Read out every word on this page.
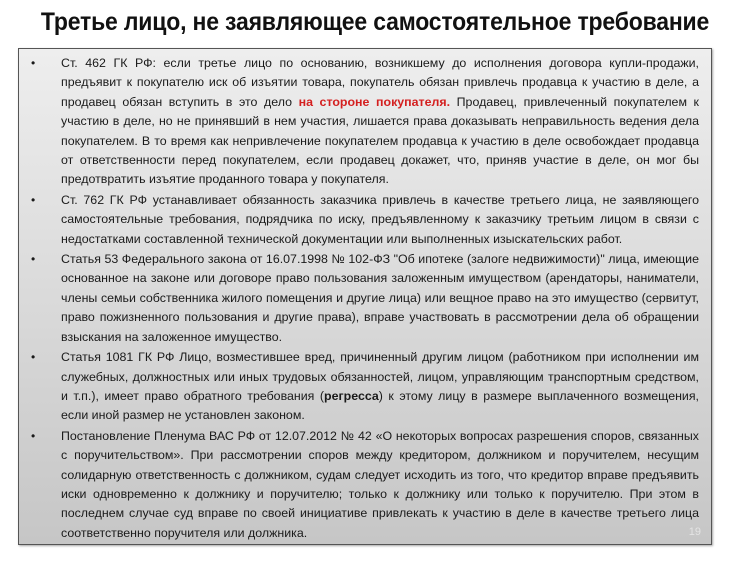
Третье лицо, не заявляющее самостоятельное требование
• Ст. 462 ГК РФ: если третье лицо по основанию, возникшему до исполнения договора купли-продажи, предъявит к покупателю иск об изъятии товара, покупатель обязан привлечь продавца к участию в деле, а продавец обязан вступить в это дело на стороне покупателя. Продавец, привлеченный покупателем к участию в деле, но не принявший в нем участия, лишается права доказывать неправильность ведения дела покупателем. В то время как непривлечение покупателем продавца к участию в деле освобождает продавца от ответственности перед покупателем, если продавец докажет, что, приняв участие в деле, он мог бы предотвратить изъятие проданного товара у покупателя.
• Ст. 762 ГК РФ устанавливает обязанность заказчика привлечь в качестве третьего лица, не заявляющего самостоятельные требования, подрядчика по иску, предъявленному к заказчику третьим лицом в связи с недостатками составленной технической документации или выполненных изыскательских работ.
• Статья 53 Федерального закона от 16.07.1998 № 102-ФЗ "Об ипотеке (залоге недвижимости)" лица, имеющие основанное на законе или договоре право пользования заложенным имуществом (арендаторы, наниматели, члены семьи собственника жилого помещения и другие лица) или вещное право на это имущество (сервитут, право пожизненного пользования и другие права), вправе участвовать в рассмотрении дела об обращении взыскания на заложенное имущество.
• Статья 1081 ГК РФ Лицо, возместившее вред, причиненный другим лицом (работником при исполнении им служебных, должностных или иных трудовых обязанностей, лицом, управляющим транспортным средством, и т.п.), имеет право обратного требования (регресса) к этому лицу в размере выплаченного возмещения, если иной размер не установлен законом.
• Постановление Пленума ВАС РФ от 12.07.2012 № 42 «О некоторых вопросах разрешения споров, связанных с поручительством». При рассмотрении споров между кредитором, должником и поручителем, несущим солидарную ответственность с должником, судам следует исходить из того, что кредитор вправе предъявить иски одновременно к должнику и поручителю; только к должнику или только к поручителю. При этом в последнем случае суд вправе по своей инициативе привлекать к участию в деле в качестве третьего лица соответственно поручителя или должника.	19
